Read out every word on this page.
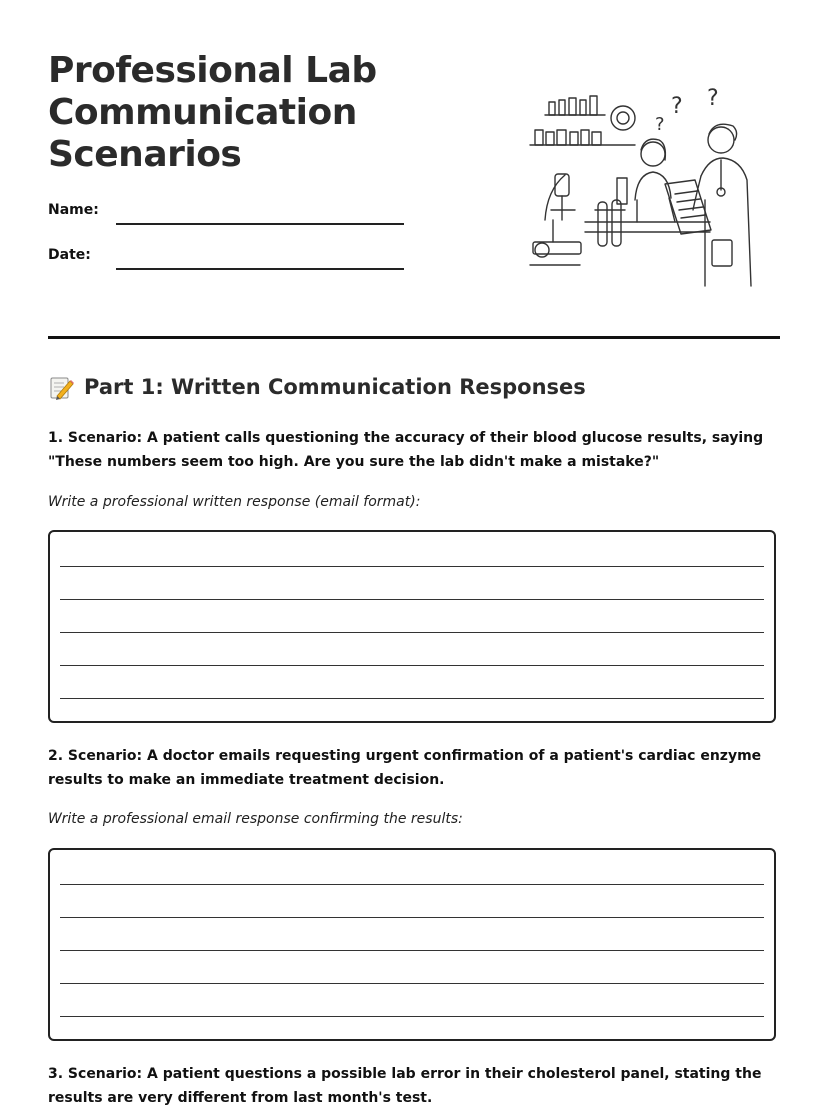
Professional Lab
Communication
Scenarios
Name:
Date:
? ?
?
Part 1: Written Communication Responses

1. Scenario: A patient calls questioning the accuracy of their blood glucose results, saying "These numbers seem too high. Are you sure the lab didn't make a mistake?"

Write a professional written response (email format):

2. Scenario: A doctor emails requesting urgent confirmation of a patient's cardiac enzyme results to make an immediate treatment decision.

Write a professional email response confirming the results:

3. Scenario: A patient questions a possible lab error in their cholesterol panel, stating the results are very different from last month's test.
